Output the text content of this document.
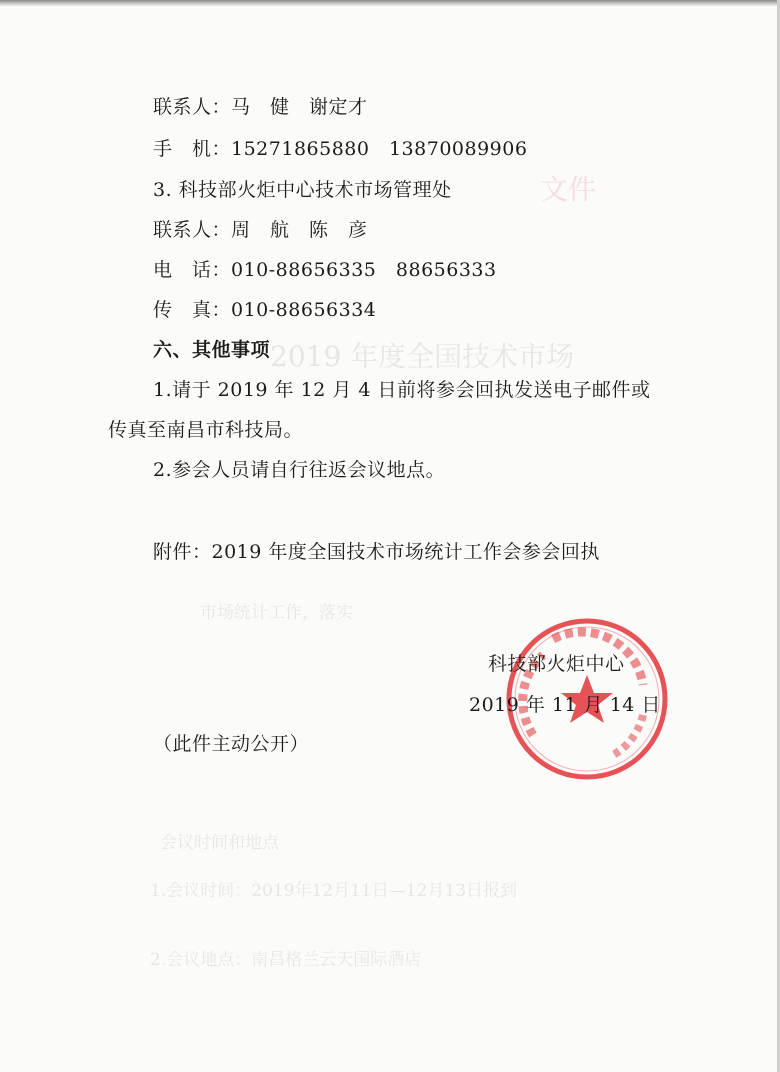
文件
2019 年度全国技术市场
市场统计工作，落实
会议时间和地点
1.会议时间：2019年12月11日—12月13日报到
2.会议地点：南昌格兰云天国际酒店
联系人：马　健　谢定才
手　机：15271865880　13870089906
3. 科技部火炬中心技术市场管理处
联系人：周　航　陈　彦
电　话：010-88656335　88656333
传　真：010-88656334
六、其他事项
1.请于 2019 年 12 月 4 日前将参会回执发送电子邮件或
传真至南昌市科技局。
2.参会人员请自行往返会议地点。
附件：2019 年度全国技术市场统计工作会参会回执
科技部火炬中心
2019 年 11 月 14 日
（此件主动公开）
